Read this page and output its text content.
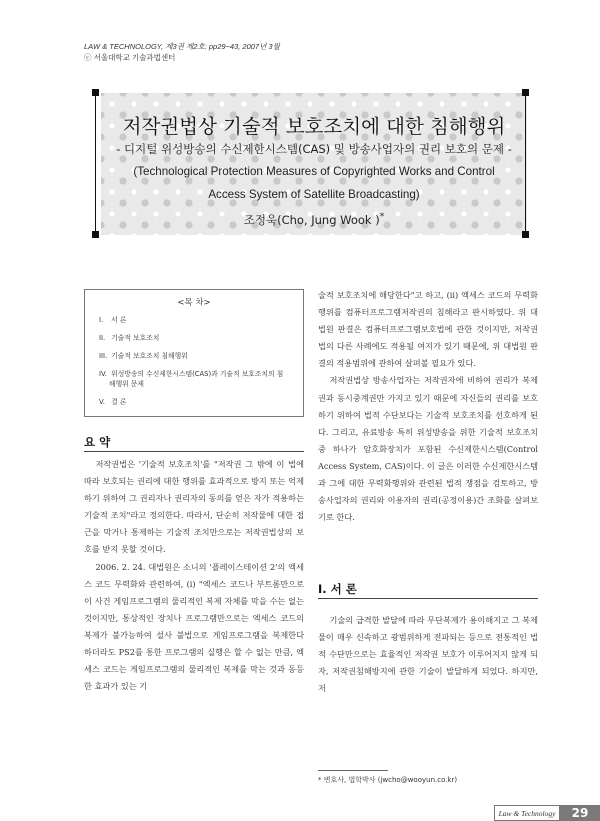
LAW & TECHNOLOGY, 제3권 제2호: pp29~43, 2007년 3월
ⓒ 서울대학교 기술과법센터
저작권법상 기술적 보호조치에 대한 침해행위
- 디지털 위성방송의 수신제한시스템(CAS) 및 방송사업자의 권리 보호의 문제 -
(Technological Protection Measures of Copyrighted Works and Control
Access System of Satellite Broadcasting)
조정욱(Cho, Jung Wook )*
<목 차>
I. 서 론
II. 기술적 보호조치
III. 기술적 보호조치 침해행위
IV. 위성방송의 수신제한시스템(CAS)과 기술적 보호조치의 침해행위 문제
V. 결 론
요 약

저작권법은 '기술적 보호조치'를 "저작권 그 밖에 이 법에 따라 보호되는 권리에 대한 행위를 효과적으로 방지 또는 억제하기 위하여 그 권리자나 권리자의 동의를 얻은 자가 적용하는 기술적 조치"라고 정의한다. 따라서, 단순히 저작물에 대한 접근을 막거나 통제하는 기술적 조치만으로는 저작권법상의 보호를 받지 못할 것이다.

2006. 2. 24. 대법원은 소니의 '플레이스테이션 2'의 엑세스 코드 무력화와 관련하여, (i) "엑세스 코드나 부트롬만으로 이 사건 게임프로그램의 물리적인 복제 자체를 막을 수는 없는 것이지만, 통상적인 장치나 프로그램만으로는 엑세스 코드의 복제가 불가능하여 설사 불법으로 게임프로그램을 복제한다 하더라도 PS2를 통한 프로그램의 실행은 할 수 없는 만큼, 엑세스 코드는 게임프로그램의 물리적인 복제를 막는 것과 동등한 효과가 있는 기

술적 보호조치에 해당한다"고 하고, (ii) 엑세스 코드의 무력화행위를 컴퓨터프로그램저작권의 침해라고 판시하였다. 위 대법원 판결은 컴퓨터프로그램보호법에 관한 것이지만, 저작권법의 다른 사례에도 적용될 여지가 있기 때문에, 위 대법원 판결의 적용범위에 관하여 살펴볼 필요가 있다.

저작권법상 방송사업자는 저작권자에 비하여 권리가 복제권과 동시중계권만 가지고 있기 때문에 자신들의 권리를 보호하기 위하여 법적 수단보다는 기술적 보호조치를 선호하게 된다. 그리고, 유료방송 특히 위성방송을 위한 기술적 보호조치 중 하나가 암호화장치가 포함된 수신제한시스템(Control Access System, CAS)이다. 이 글은 이러한 수신제한시스템과 그에 대한 무력화행위와 관련된 법적 쟁점을 검토하고, 방송사업자의 권리와 이용자의 권리(공정이용)간 조화를 살펴보기로 한다.

I. 서 론

기술의 급격한 발달에 따라 무단복제가 용이해지고 그 복제물이 매우 신속하고 광범위하게 전파되는 등으로 전통적인 법적 수단만으로는 효율적인 저작권 보호가 이루어지지 않게 되자, 저작권침해방지에 관한 기술이 발달하게 되었다. 하지만, 저

* 변호사, 법학박사 (jwcho@wooyun.co.kr)
Law & Technology	29
